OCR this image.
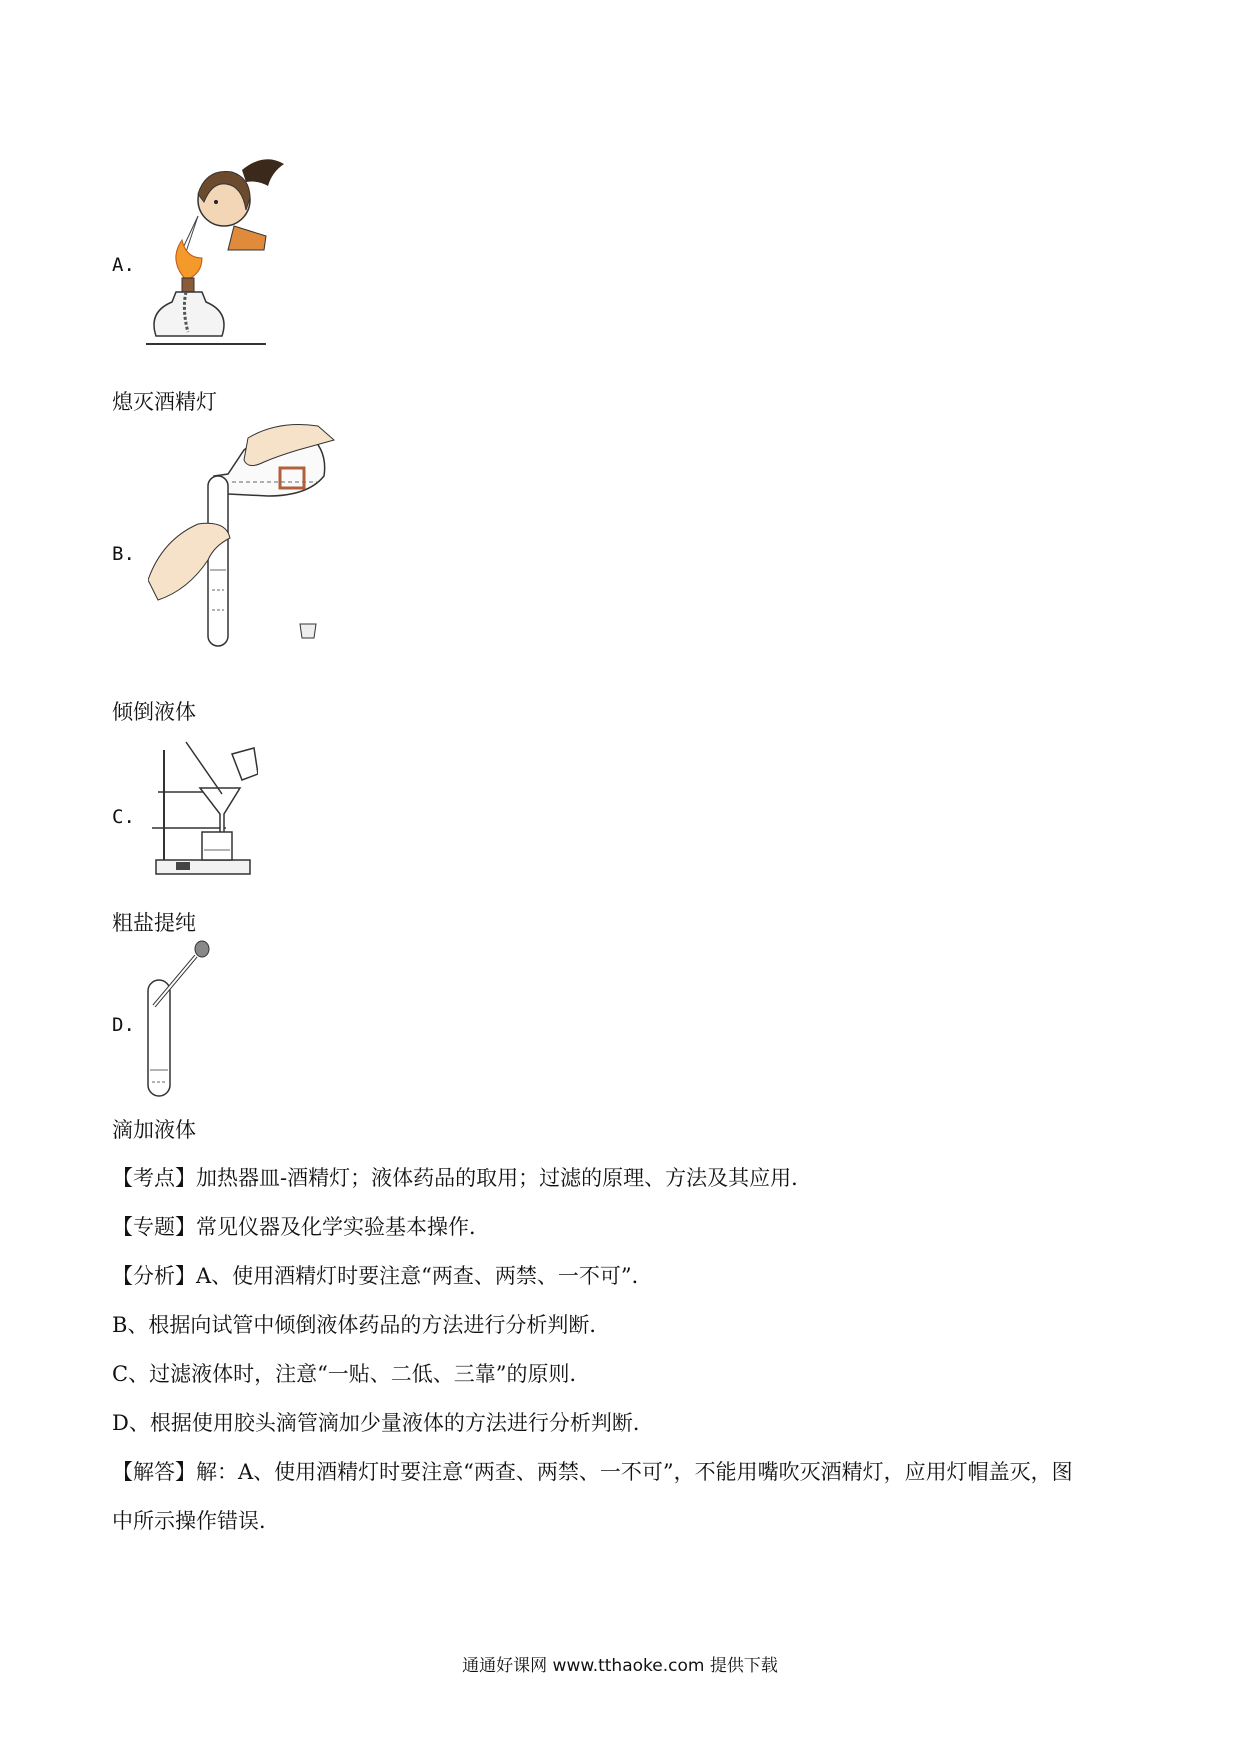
A.
熄灭酒精灯
B.
倾倒液体
C.
粗盐提纯
D.
滴加液体
【考点】加热器皿-酒精灯；液体药品的取用；过滤的原理、方法及其应用．
【专题】常见仪器及化学实验基本操作．
【分析】A、使用酒精灯时要注意“两查、两禁、一不可”．
B、根据向试管中倾倒液体药品的方法进行分析判断．
C、过滤液体时，注意“一贴、二低、三靠”的原则．
D、根据使用胶头滴管滴加少量液体的方法进行分析判断．
【解答】解：A、使用酒精灯时要注意“两查、两禁、一不可”，不能用嘴吹灭酒精灯，应用灯帽盖灭，图
中所示操作错误．
通通好课网 www.tthaoke.com 提供下载
